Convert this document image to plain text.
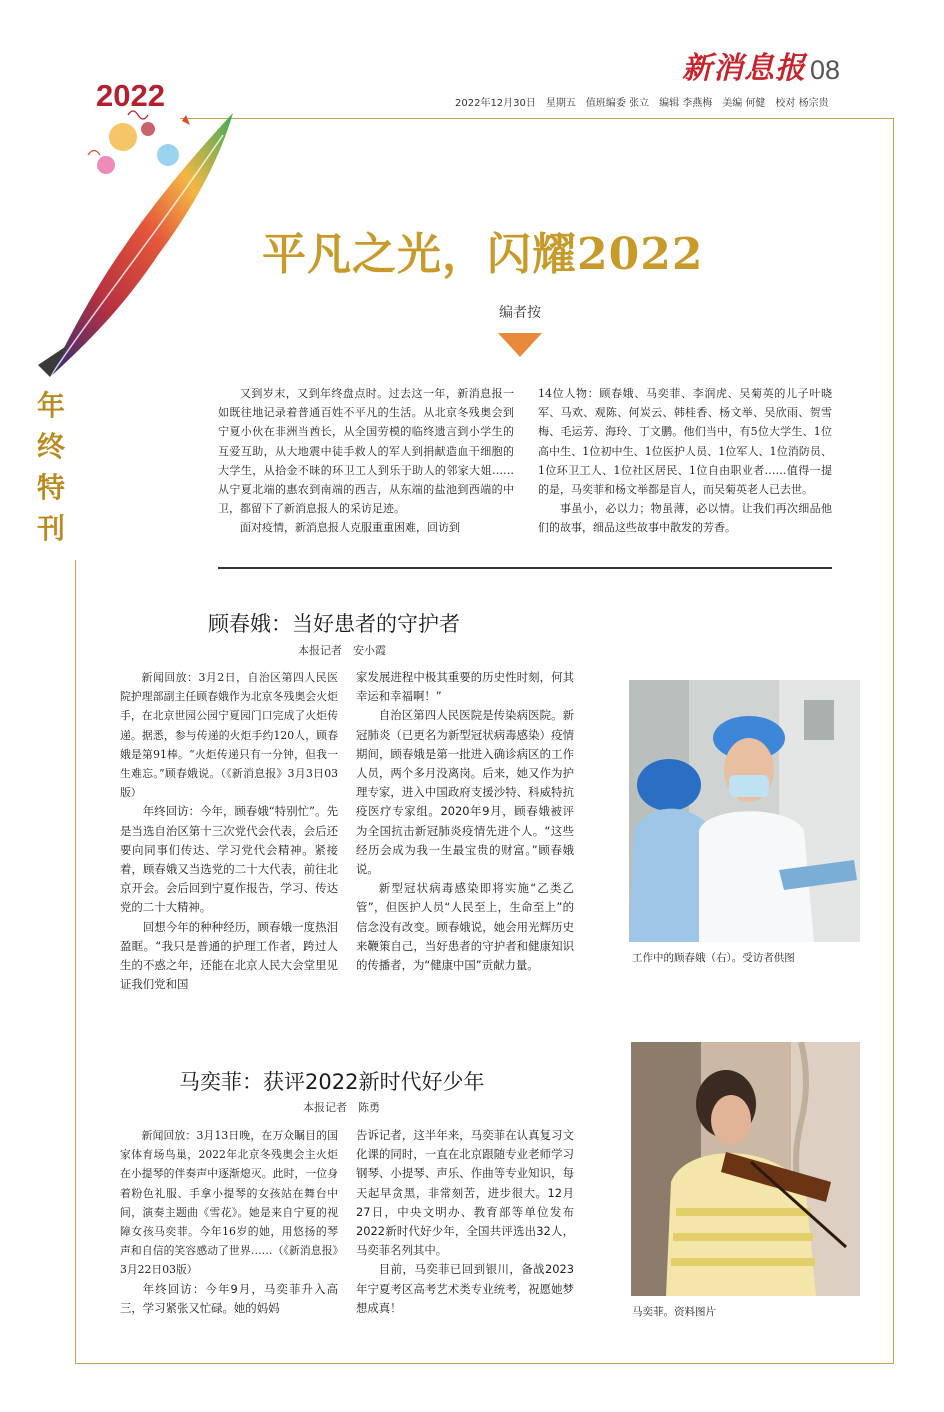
新消息报 08
2022年12月30日　星期五　值班编委 张立　编辑 李燕梅　美编 何健　校对 杨宗贵
2022
年
终
特
刊
平凡之光，闪耀2022
编者按

又到岁末，又到年终盘点时。过去这一年，新消息报一如既往地记录着普通百姓不平凡的生活。从北京冬残奥会到宁夏小伙在非洲当酋长，从全国劳模的临终遗言到小学生的互爱互助，从大地震中徒手救人的军人到捐献造血干细胞的大学生，从拾金不昧的环卫工人到乐于助人的邻家大姐……从宁夏北端的惠农到南端的西吉，从东端的盐池到西端的中卫，都留下了新消息报人的采访足迹。

面对疫情，新消息报人克服重重困难，回访到

14位人物：顾春娥、马奕菲、李润虎、吴菊英的儿子叶晓军、马欢、观陈、何炭云、韩桂香、杨文举、吴欣雨、贺雪梅、毛运芳、海玲、丁文鹏。他们当中，有5位大学生、1位高中生、1位初中生、1位医护人员、1位军人、1位消防员、1位环卫工人、1位社区居民、1位自由职业者……值得一提的是，马奕菲和杨文举都是盲人，而吴菊英老人已去世。

事虽小，必以力；物虽薄，必以情。让我们再次细品他们的故事，细品这些故事中散发的芳香。

顾春娥：当好患者的守护者
本报记者　安小霞

新闻回放：3月2日，自治区第四人民医院护理部副主任顾春娥作为北京冬残奥会火炬手，在北京世园公园宁夏园门口完成了火炬传递。据悉，参与传递的火炬手约120人，顾春娥是第91棒。“火炬传递只有一分钟，但我一生难忘。”顾春娥说。（《新消息报》3月3日03版）

年终回访：今年，顾春娥“特别忙”。先是当选自治区第十三次党代会代表，会后还要向同事们传达、学习党代会精神。紧接着，顾春娥又当选党的二十大代表，前往北京开会。会后回到宁夏作报告，学习、传达党的二十大精神。

回想今年的种种经历，顾春娥一度热泪盈眶。“我只是普通的护理工作者，跨过人生的不惑之年，还能在北京人民大会堂里见证我们党和国

家发展进程中极其重要的历史性时刻，何其幸运和幸福啊！”

自治区第四人民医院是传染病医院。新冠肺炎（已更名为新型冠状病毒感染）疫情期间，顾春娥是第一批进入确诊病区的工作人员，两个多月没离岗。后来，她又作为护理专家，进入中国政府支援沙特、科威特抗疫医疗专家组。2020年9月，顾春娥被评为全国抗击新冠肺炎疫情先进个人。“这些经历会成为我一生最宝贵的财富。”顾春娥说。

新型冠状病毒感染即将实施“乙类乙管”，但医护人员“人民至上，生命至上”的信念没有改变。顾春娥说，她会用光辉历史来鞭策自己，当好患者的守护者和健康知识的传播者，为“健康中国”贡献力量。

工作中的顾春娥（右）。受访者供图
马奕菲：获评2022新时代好少年
本报记者　陈勇

新闻回放：3月13日晚，在万众瞩目的国家体育场鸟巢，2022年北京冬残奥会主火炬在小提琴的伴奏声中逐渐熄灭。此时，一位身着粉色礼服、手拿小提琴的女孩站在舞台中间，演奏主题曲《雪花》。她是来自宁夏的视障女孩马奕菲。今年16岁的她，用悠扬的琴声和自信的笑容感动了世界……（《新消息报》3月22日03版）

年终回访：今年9月，马奕菲升入高三，学习紧张又忙碌。她的妈妈

告诉记者，这半年来，马奕菲在认真复习文化课的同时，一直在北京跟随专业老师学习钢琴、小提琴、声乐、作曲等专业知识，每天起早贪黑，非常刻苦，进步很大。12月27日，中央文明办、教育部等单位发布2022新时代好少年，全国共评选出32人，马奕菲名列其中。

目前，马奕菲已回到银川，备战2023年宁夏考区高考艺术类专业统考，祝愿她梦想成真！	马奕菲。资料图片
